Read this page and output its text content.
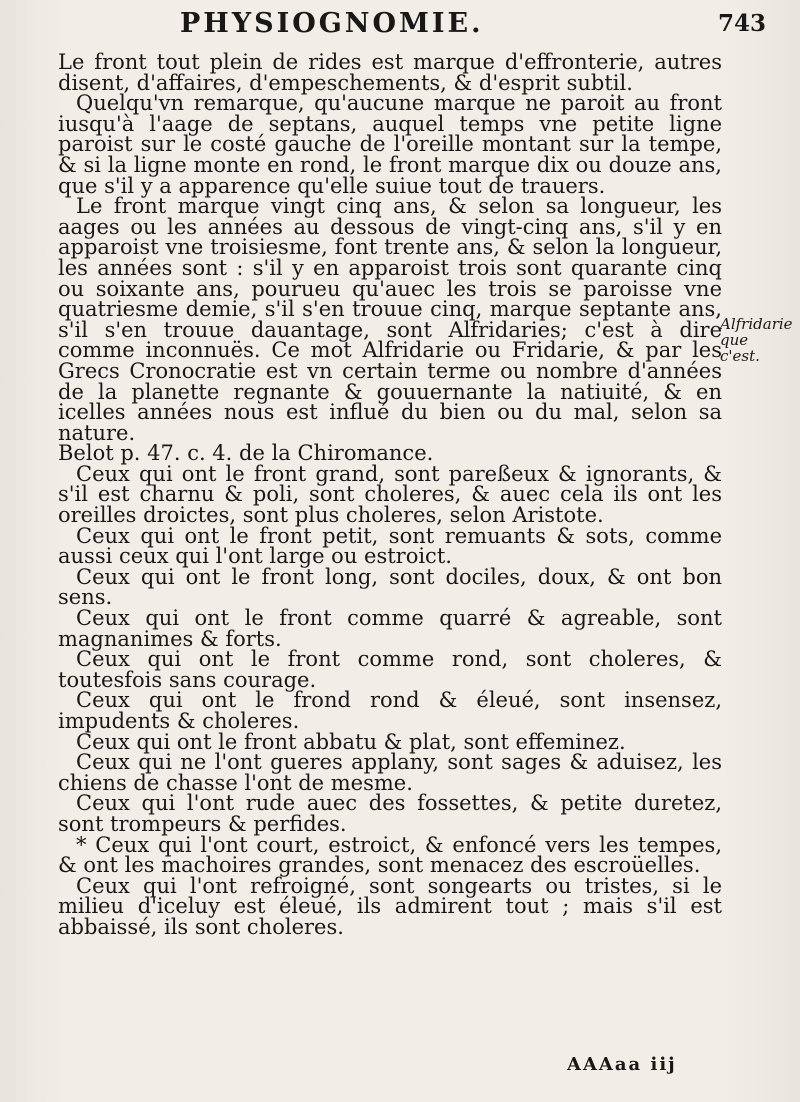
PHYSIOGNOMIE.	743

Le front tout plein de rides est marque d'effronterie, autres disent, d'affaires, d'empeschements, & d'esprit subtil.

Quelqu'vn remarque, qu'aucune marque ne paroit au front iusqu'à l'aage de septans, auquel temps vne petite ligne paroist sur le costé gauche de l'oreille montant sur la tempe, & si la ligne monte en rond, le front marque dix ou douze ans, que s'il y a apparence qu'elle suiue tout de trauers.

Le front marque vingt cinq ans, & selon sa longueur, les aages ou les années au dessous de vingt-cinq ans, s'il y en apparoist vne troisiesme, font trente ans, & selon la longueur, les années sont : s'il y en apparoist trois sont quarante cinq ou soixante ans, pourueu qu'auec les trois se paroisse vne quatriesme demie, s'il s'en trouue cinq, marque septante ans, s'il s'en trouue dauantage, sont Alfridaries; c'est à dire comme inconnuës. Ce mot Alfridarie ou Fridarie, & par les Grecs Cronocratie est vn certain terme ou nombre d'années de la planette regnante & gouuernante la natiuité, & en icelles années nous est influé du bien ou du mal, selon sa nature.

Belot p. 47. c. 4. de la Chiromance.

Ceux qui ont le front grand, sont pareßeux & ignorants, & s'il est charnu & poli, sont choleres, & auec cela ils ont les oreilles droictes, sont plus choleres, selon Aristote.

Ceux qui ont le front petit, sont remuants & sots, comme aussi ceux qui l'ont large ou estroict.

Ceux qui ont le front long, sont dociles, doux, & ont bon sens.

Ceux qui ont le front comme quarré & agreable, sont magnanimes & forts.

Ceux qui ont le front comme rond, sont choleres, & toutesfois sans courage.

Ceux qui ont le frond rond & éleué, sont insensez, impudents & choleres.

Ceux qui ont le front abbatu & plat, sont effeminez.

Ceux qui ne l'ont gueres applany, sont sages & aduisez, les chiens de chasse l'ont de mesme.

Ceux qui l'ont rude auec des fossettes, & petite duretez, sont trompeurs & perfides.

* Ceux qui l'ont court, estroict, & enfoncé vers les tempes, & ont les machoires grandes, sont menacez des escroüelles.

Ceux qui l'ont refroigné, sont songearts ou tristes, si le milieu d'iceluy est éleué, ils admirent tout ; mais s'il est abbaissé, ils sont choleres.

Alfridarie que c'est.
AAAaa iij
